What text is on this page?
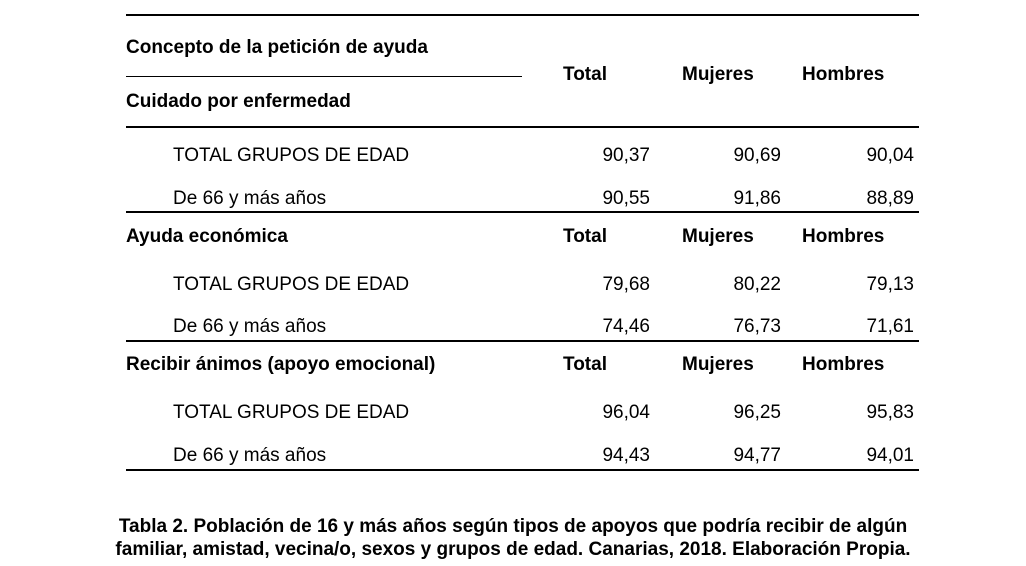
Concepto de la petición de ayuda
Cuidado por enfermedad
Total	Mujeres	Hombres
TOTAL GRUPOS DE EDAD	90,37	90,69	90,04
De 66 y más años	90,55	91,86	88,89
Ayuda económica	Total	Mujeres	Hombres
TOTAL GRUPOS DE EDAD	79,68	80,22	79,13
De 66 y más años	74,46	76,73	71,61
Recibir ánimos (apoyo emocional)	Total	Mujeres	Hombres
TOTAL GRUPOS DE EDAD	96,04	96,25	95,83
De 66 y más años	94,43	94,77	94,01
Tabla 2. Población de 16 y más años según tipos de apoyos que podría recibir de algún
familiar, amistad, vecina/o, sexos y grupos de edad. Canarias, 2018. Elaboración Propia.
